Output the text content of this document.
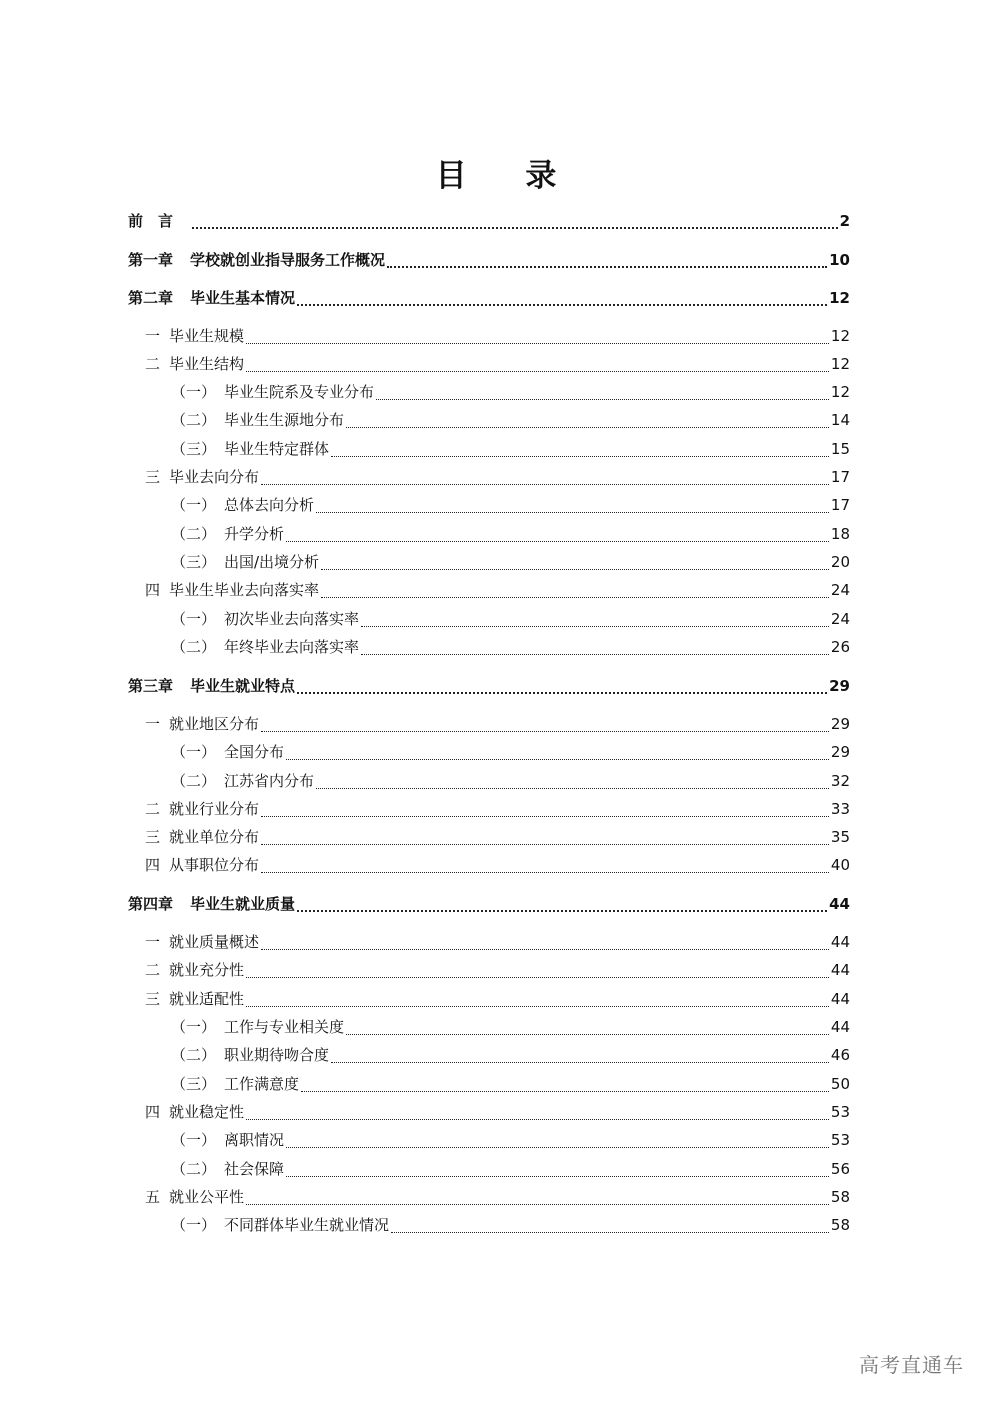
目 录
前　言	2
第一章 学校就创业指导服务工作概况	10
第二章 毕业生基本情况	12
一 毕业生规模	12
二 毕业生结构	12
（一） 毕业生院系及专业分布	12
（二） 毕业生生源地分布	14
（三） 毕业生特定群体	15
三 毕业去向分布	17
（一） 总体去向分析	17
（二） 升学分析	18
（三） 出国/出境分析	20
四 毕业生毕业去向落实率	24
（一） 初次毕业去向落实率	24
（二） 年终毕业去向落实率	26
第三章 毕业生就业特点	29
一 就业地区分布	29
（一） 全国分布	29
（二） 江苏省内分布	32
二 就业行业分布	33
三 就业单位分布	35
四 从事职位分布	40
第四章 毕业生就业质量	44
一 就业质量概述	44
二 就业充分性	44
三 就业适配性	44
（一） 工作与专业相关度	44
（二） 职业期待吻合度	46
（三） 工作满意度	50
四 就业稳定性	53
（一） 离职情况	53
（二） 社会保障	56
五 就业公平性	58
（一） 不同群体毕业生就业情况	58
高考直通车
